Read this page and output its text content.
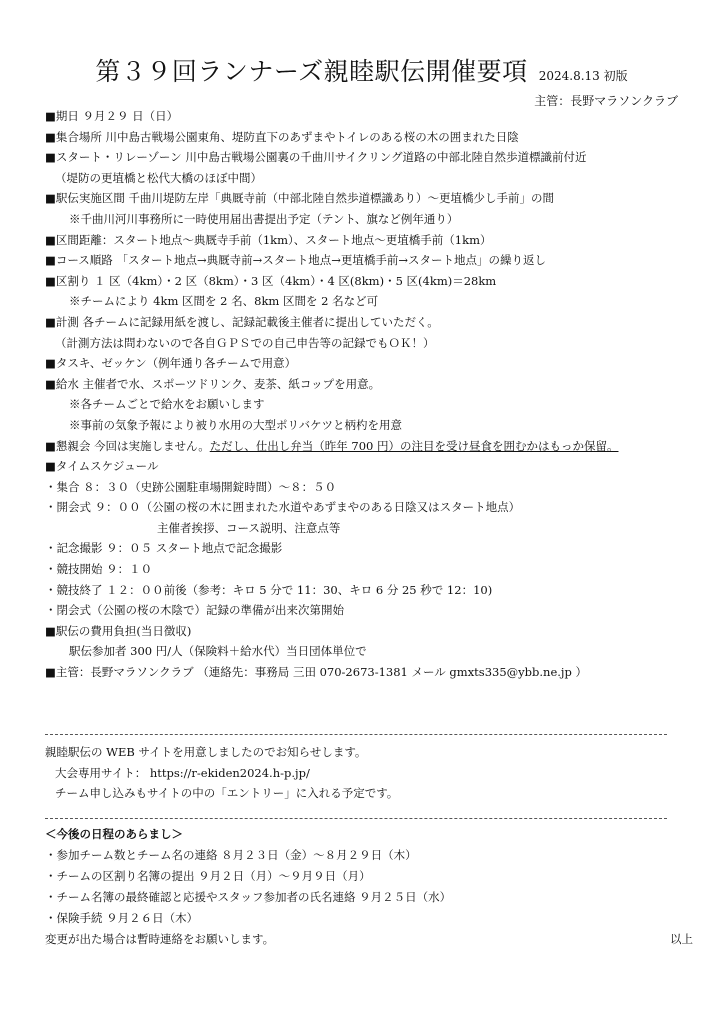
第３９回ランナーズ親睦駅伝開催要項 2024.8.13 初版
主管：長野マラソンクラブ
■期日 ９月２９ 日（日）
■集合場所 川中島古戦場公園東角、堤防直下のあずまやトイレのある桜の木の囲まれた日陰
■スタート・リレーゾーン 川中島古戦場公園裏の千曲川サイクリング道路の中部北陸自然歩道標識前付近
（堤防の更埴橋と松代大橋のほぼ中間）
■駅伝実施区間 千曲川堤防左岸「典厩寺前（中部北陸自然歩道標識あり）～更埴橋少し手前」の間
※千曲川河川事務所に一時使用届出書提出予定（テント、旗など例年通り）
■区間距離：スタート地点～典厩寺手前（1km）、スタート地点～更埴橋手前（1km）
■コース順路 「スタート地点→典厩寺前→スタート地点→更埴橋手前→スタート地点」の繰り返し
■区割り １ 区（4km）・2 区（8km）・3 区（4km）・4 区(8km)・5 区(4km)＝28km
※チームにより 4km 区間を 2 名、8km 区間を 2 名など可
■計測 各チームに記録用紙を渡し、記録記載後主催者に提出していただく。
（計測方法は問わないので各自ＧＰＳでの自己申告等の記録でもＯＫ！）
■タスキ、ゼッケン（例年通り各チームで用意）
■給水 主催者で水、スポーツドリンク、麦茶、紙コップを用意。
※各チームごとで給水をお願いします
※事前の気象予報により被り水用の大型ポリバケツと柄杓を用意
■懇親会 今回は実施しません。ただし、仕出し弁当（昨年 700 円）の注目を受け昼食を囲むかはもっか保留。
■タイムスケジュール
・集合 ８：３０（史跡公園駐車場開錠時間）～８：５０
・開会式 ９：００（公園の桜の木に囲まれた水道やあずまやのある日陰又はスタート地点）
主催者挨拶、コース説明、注意点等
・記念撮影 ９：０５ スタート地点で記念撮影
・競技開始 ９：１０
・競技終了 １２：００前後（参考：キロ 5 分で 11：30、キロ 6 分 25 秒で 12：10)
・閉会式（公園の桜の木陰で）記録の準備が出来次第開始
■駅伝の費用負担(当日徴収)
駅伝参加者 300 円/人（保険料＋給水代）当日団体単位で
■主管：長野マラソンクラブ （連絡先：事務局 三田 070-2673-1381 メール gmxts335@ybb.ne.jp ）
親睦駅伝の WEB サイトを用意しましたのでお知らせします。
大会専用サイト： https://r-ekiden2024.h-p.jp/
チーム申し込みもサイトの中の「エントリー」に入れる予定です。
＜今後の日程のあらまし＞
・参加チーム数とチーム名の連絡 ８月２３日（金）～８月２９日（木）
・チームの区割り名簿の提出 ９月２日（月）～９月９日（月）
・チーム名簿の最終確認と応援やスタッフ参加者の氏名連絡 ９月２５日（水）
・保険手続 ９月２６日（木）
変更が出た場合は暫時連絡をお願いします。	以上
